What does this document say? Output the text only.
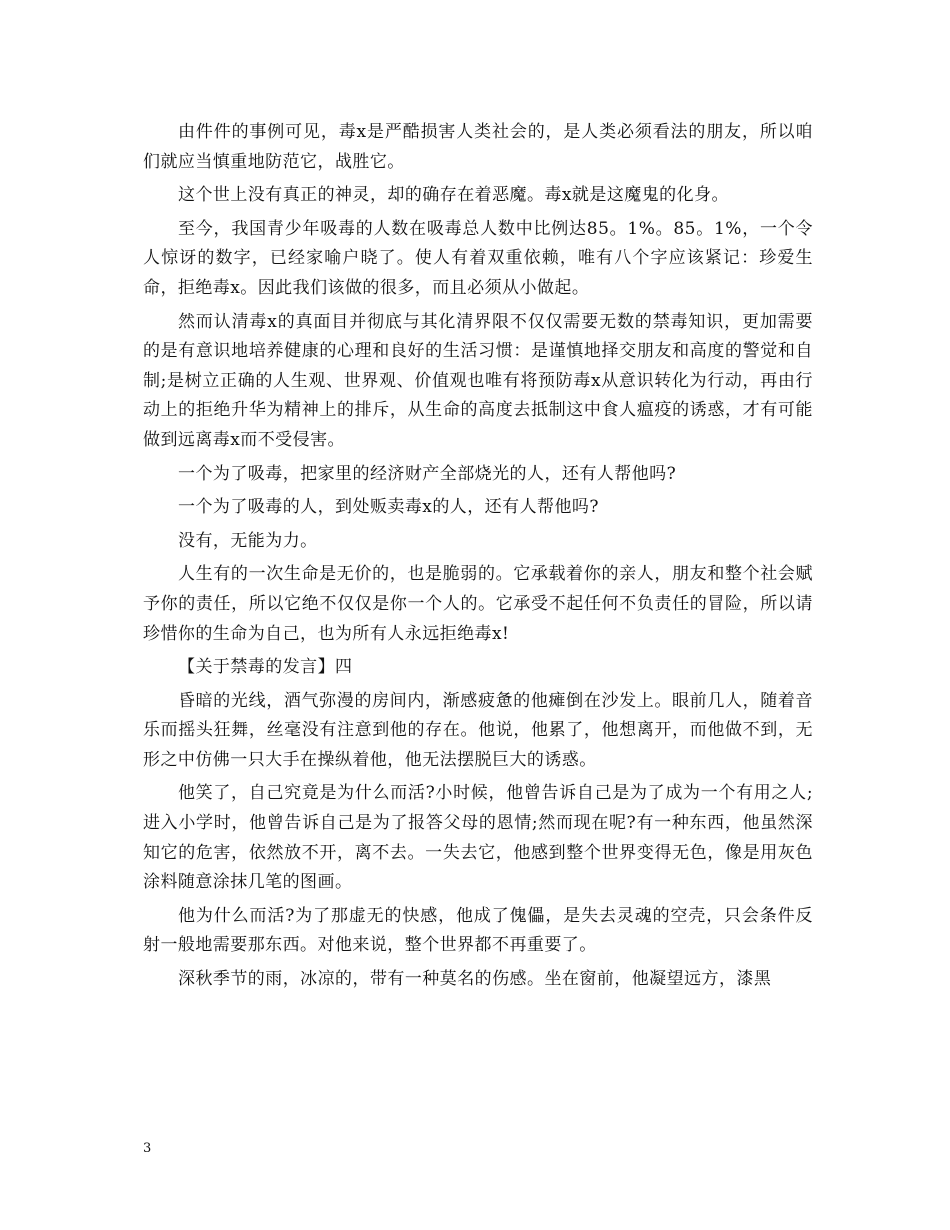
由件件的事例可见，毒x是严酷损害人类社会的，是人类必须看法的朋友，所以咱们就应当慎重地防范它，战胜它。

这个世上没有真正的神灵，却的确存在着恶魔。毒x就是这魔鬼的化身。

至今，我国青少年吸毒的人数在吸毒总人数中比例达85。1%。85。1%，一个令人惊讶的数字，已经家喻户晓了。使人有着双重依赖，唯有八个字应该紧记：珍爱生命，拒绝毒x。因此我们该做的很多，而且必须从小做起。

然而认清毒x的真面目并彻底与其化清界限不仅仅需要无数的禁毒知识，更加需要的是有意识地培养健康的心理和良好的生活习惯：是谨慎地择交朋友和高度的警觉和自制;是树立正确的人生观、世界观、价值观也唯有将预防毒x从意识转化为行动，再由行动上的拒绝升华为精神上的排斥，从生命的高度去抵制这中食人瘟疫的诱惑，才有可能做到远离毒x而不受侵害。

一个为了吸毒，把家里的经济财产全部烧光的人，还有人帮他吗?

一个为了吸毒的人，到处贩卖毒x的人，还有人帮他吗?

没有，无能为力。

人生有的一次生命是无价的，也是脆弱的。它承载着你的亲人，朋友和整个社会赋予你的责任，所以它绝不仅仅是你一个人的。它承受不起任何不负责任的冒险，所以请珍惜你的生命为自己，也为所有人永远拒绝毒x!

【关于禁毒的发言】四

昏暗的光线，酒气弥漫的房间内，渐感疲惫的他瘫倒在沙发上。眼前几人，随着音乐而摇头狂舞，丝毫没有注意到他的存在。他说，他累了，他想离开，而他做不到，无形之中仿佛一只大手在操纵着他，他无法摆脱巨大的诱惑。

他笑了，自己究竟是为什么而活?小时候，他曾告诉自己是为了成为一个有用之人;进入小学时，他曾告诉自己是为了报答父母的恩情;然而现在呢?有一种东西，他虽然深知它的危害，依然放不开，离不去。一失去它，他感到整个世界变得无色，像是用灰色涂料随意涂抹几笔的图画。

他为什么而活?为了那虚无的快感，他成了傀儡，是失去灵魂的空壳，只会条件反射一般地需要那东西。对他来说，整个世界都不再重要了。

深秋季节的雨，冰凉的，带有一种莫名的伤感。坐在窗前，他凝望远方，漆黑

3
